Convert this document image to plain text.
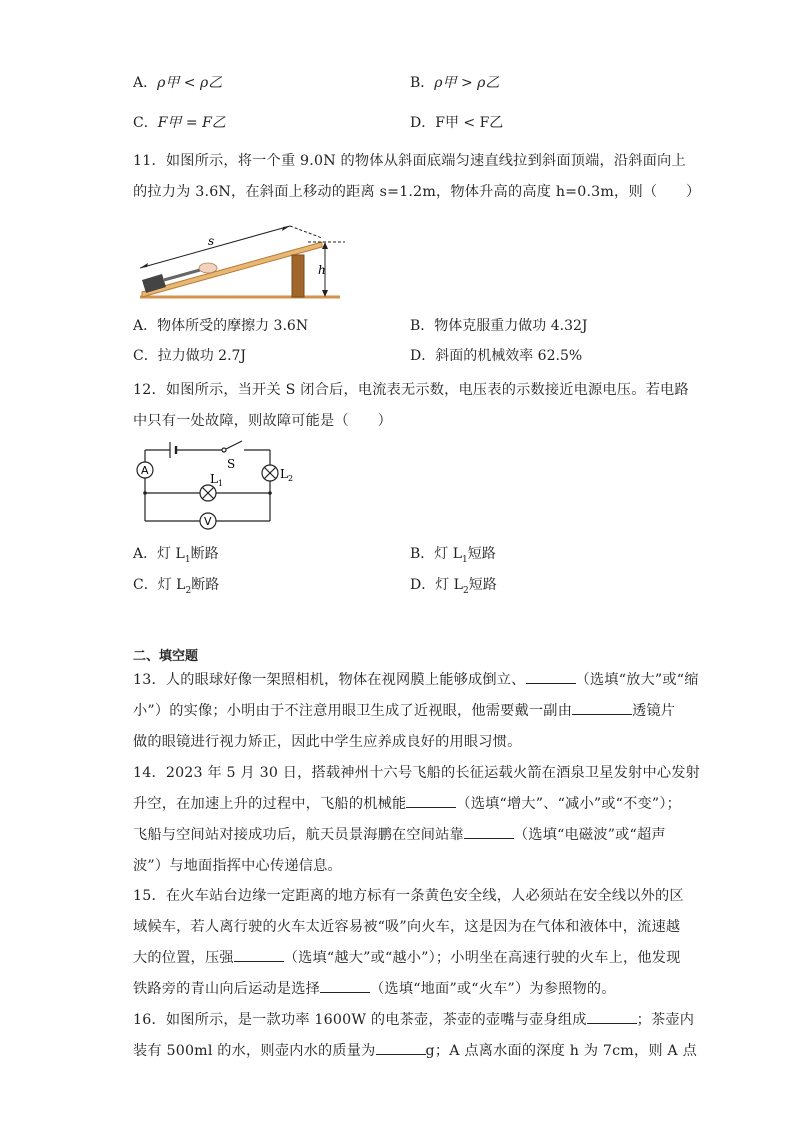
A．ρ甲 < ρ乙	B．ρ甲 > ρ乙
C．F甲 = F乙	D．F甲 < F乙

11．如图所示，将一个重 9.0N 的物体从斜面底端匀速直线拉到斜面顶端，沿斜面向上

的拉力为 3.6N，在斜面上移动的距离 s=1.2m，物体升高的高度 h=0.3m，则（　　）

s
h
A．物体所受的摩擦力 3.6N	B．物体克服重力做功 4.32J
C．拉力做功 2.7J	D．斜面的机械效率 62.5%

12．如图所示，当开关 S 闭合后，电流表无示数，电压表的示数接近电源电压。若电路

中只有一处故障，则故障可能是（　　）

A
V
S
$L_1$
$L_2$
A．灯 $L_1$断路	B．灯 $L_1$短路
C．灯 $L_2$断路	D．灯 $L_2$短路
二、填空题

13．人的眼球好像一架照相机，物体在视网膜上能够成倒立、	（选填“放大”或“缩

小”）的实像；小明由于不注意用眼卫生成了近视眼，他需要戴一副由	透镜片

做的眼镜进行视力矫正，因此中学生应养成良好的用眼习惯。

14．2023 年 5 月 30 日，搭载神州十六号飞船的长征运载火箭在酒泉卫星发射中心发射

升空，在加速上升的过程中，飞船的机械能	（选填“增大”、“减小”或“不变”）；

飞船与空间站对接成功后，航天员景海鹏在空间站靠	（选填“电磁波”或“超声

波”）与地面指挥中心传递信息。

15．在火车站台边缘一定距离的地方标有一条黄色安全线，人必须站在安全线以外的区

域候车，若人离行驶的火车太近容易被“吸”向火车，这是因为在气体和液体中，流速越

大的位置，压强	（选填“越大”或“越小”）；小明坐在高速行驶的火车上，他发现

铁路旁的青山向后运动是选择	（选填“地面”或“火车”）为参照物的。

16．如图所示，是一款功率 1600W 的电茶壶，茶壶的壶嘴与壶身组成	；茶壶内

装有 500ml 的水，则壶内水的质量为	g；A 点离水面的深度 h 为 7cm，则 A 点
